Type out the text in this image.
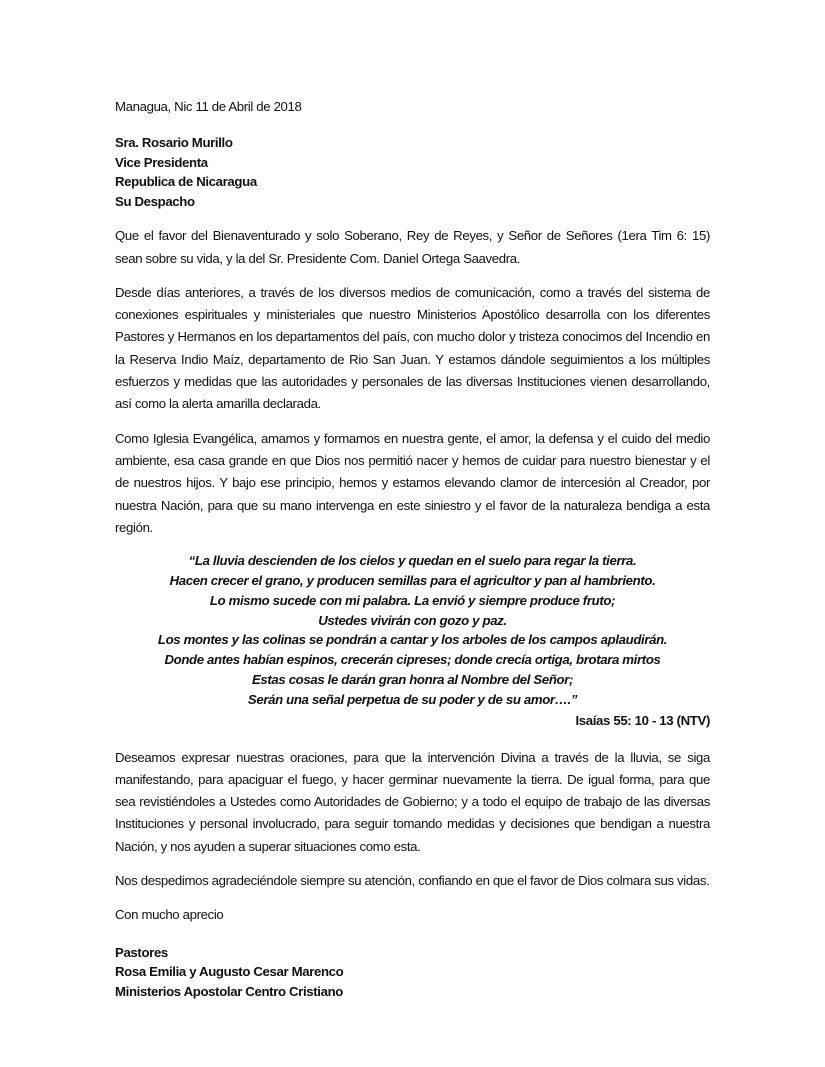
Managua, Nic 11 de Abril de 2018
Sra. Rosario Murillo
Vice Presidenta
Republica de Nicaragua
Su Despacho

Que el favor del Bienaventurado y solo Soberano, Rey de Reyes, y Señor de Señores (1era Tim 6: 15) sean sobre su vida, y la del Sr. Presidente Com. Daniel Ortega Saavedra.

Desde días anteriores, a través de los diversos medios de comunicación, como a través del sistema de conexiones espirituales y ministeriales que nuestro Ministerios Apostólico desarrolla con los diferentes Pastores y Hermanos en los departamentos del país, con mucho dolor y tristeza conocimos del Incendio en la Reserva Indio Maíz, departamento de Rio San Juan. Y estamos dándole seguimientos a los múltiples esfuerzos y medidas que las autoridades y personales de las diversas Instituciones vienen desarrollando, así como la alerta amarilla declarada.

Como Iglesia Evangélica, amamos y formamos en nuestra gente, el amor, la defensa y el cuido del medio ambiente, esa casa grande en que Dios nos permitió nacer y hemos de cuidar para nuestro bienestar y el de nuestros hijos. Y bajo ese principio, hemos y estamos elevando clamor de intercesión al Creador, por nuestra Nación, para que su mano intervenga en este siniestro y el favor de la naturaleza bendiga a esta región.

“La lluvia descienden de los cielos y quedan en el suelo para regar la tierra.
Hacen crecer el grano, y producen semillas para el agricultor y pan al hambriento.
Lo mismo sucede con mi palabra. La envió y siempre produce fruto;
Ustedes vivirán con gozo y paz.
Los montes y las colinas se pondrán a cantar y los arboles de los campos aplaudirán.
Donde antes habían espinos, crecerán cipreses; donde crecía ortiga, brotara mirtos
Estas cosas le darán gran honra al Nombre del Señor;
Serán una señal perpetua de su poder y de su amor….”
Isaías 55: 10 - 13 (NTV)

Deseamos expresar nuestras oraciones, para que la intervención Divina a través de la lluvia, se siga manifestando, para apaciguar el fuego, y hacer germinar nuevamente la tierra. De igual forma, para que sea revistiéndoles a Ustedes como Autoridades de Gobierno; y a todo el equipo de trabajo de las diversas Instituciones y personal involucrado, para seguir tomando medidas y decisiones que bendigan a nuestra Nación, y nos ayuden a superar situaciones como esta.

Nos despedimos agradeciéndole siempre su atención, confiando en que el favor de Dios colmara sus vidas.

Con mucho aprecio
Pastores
Rosa Emilia y Augusto Cesar Marenco
Ministerios Apostolar Centro Cristiano
